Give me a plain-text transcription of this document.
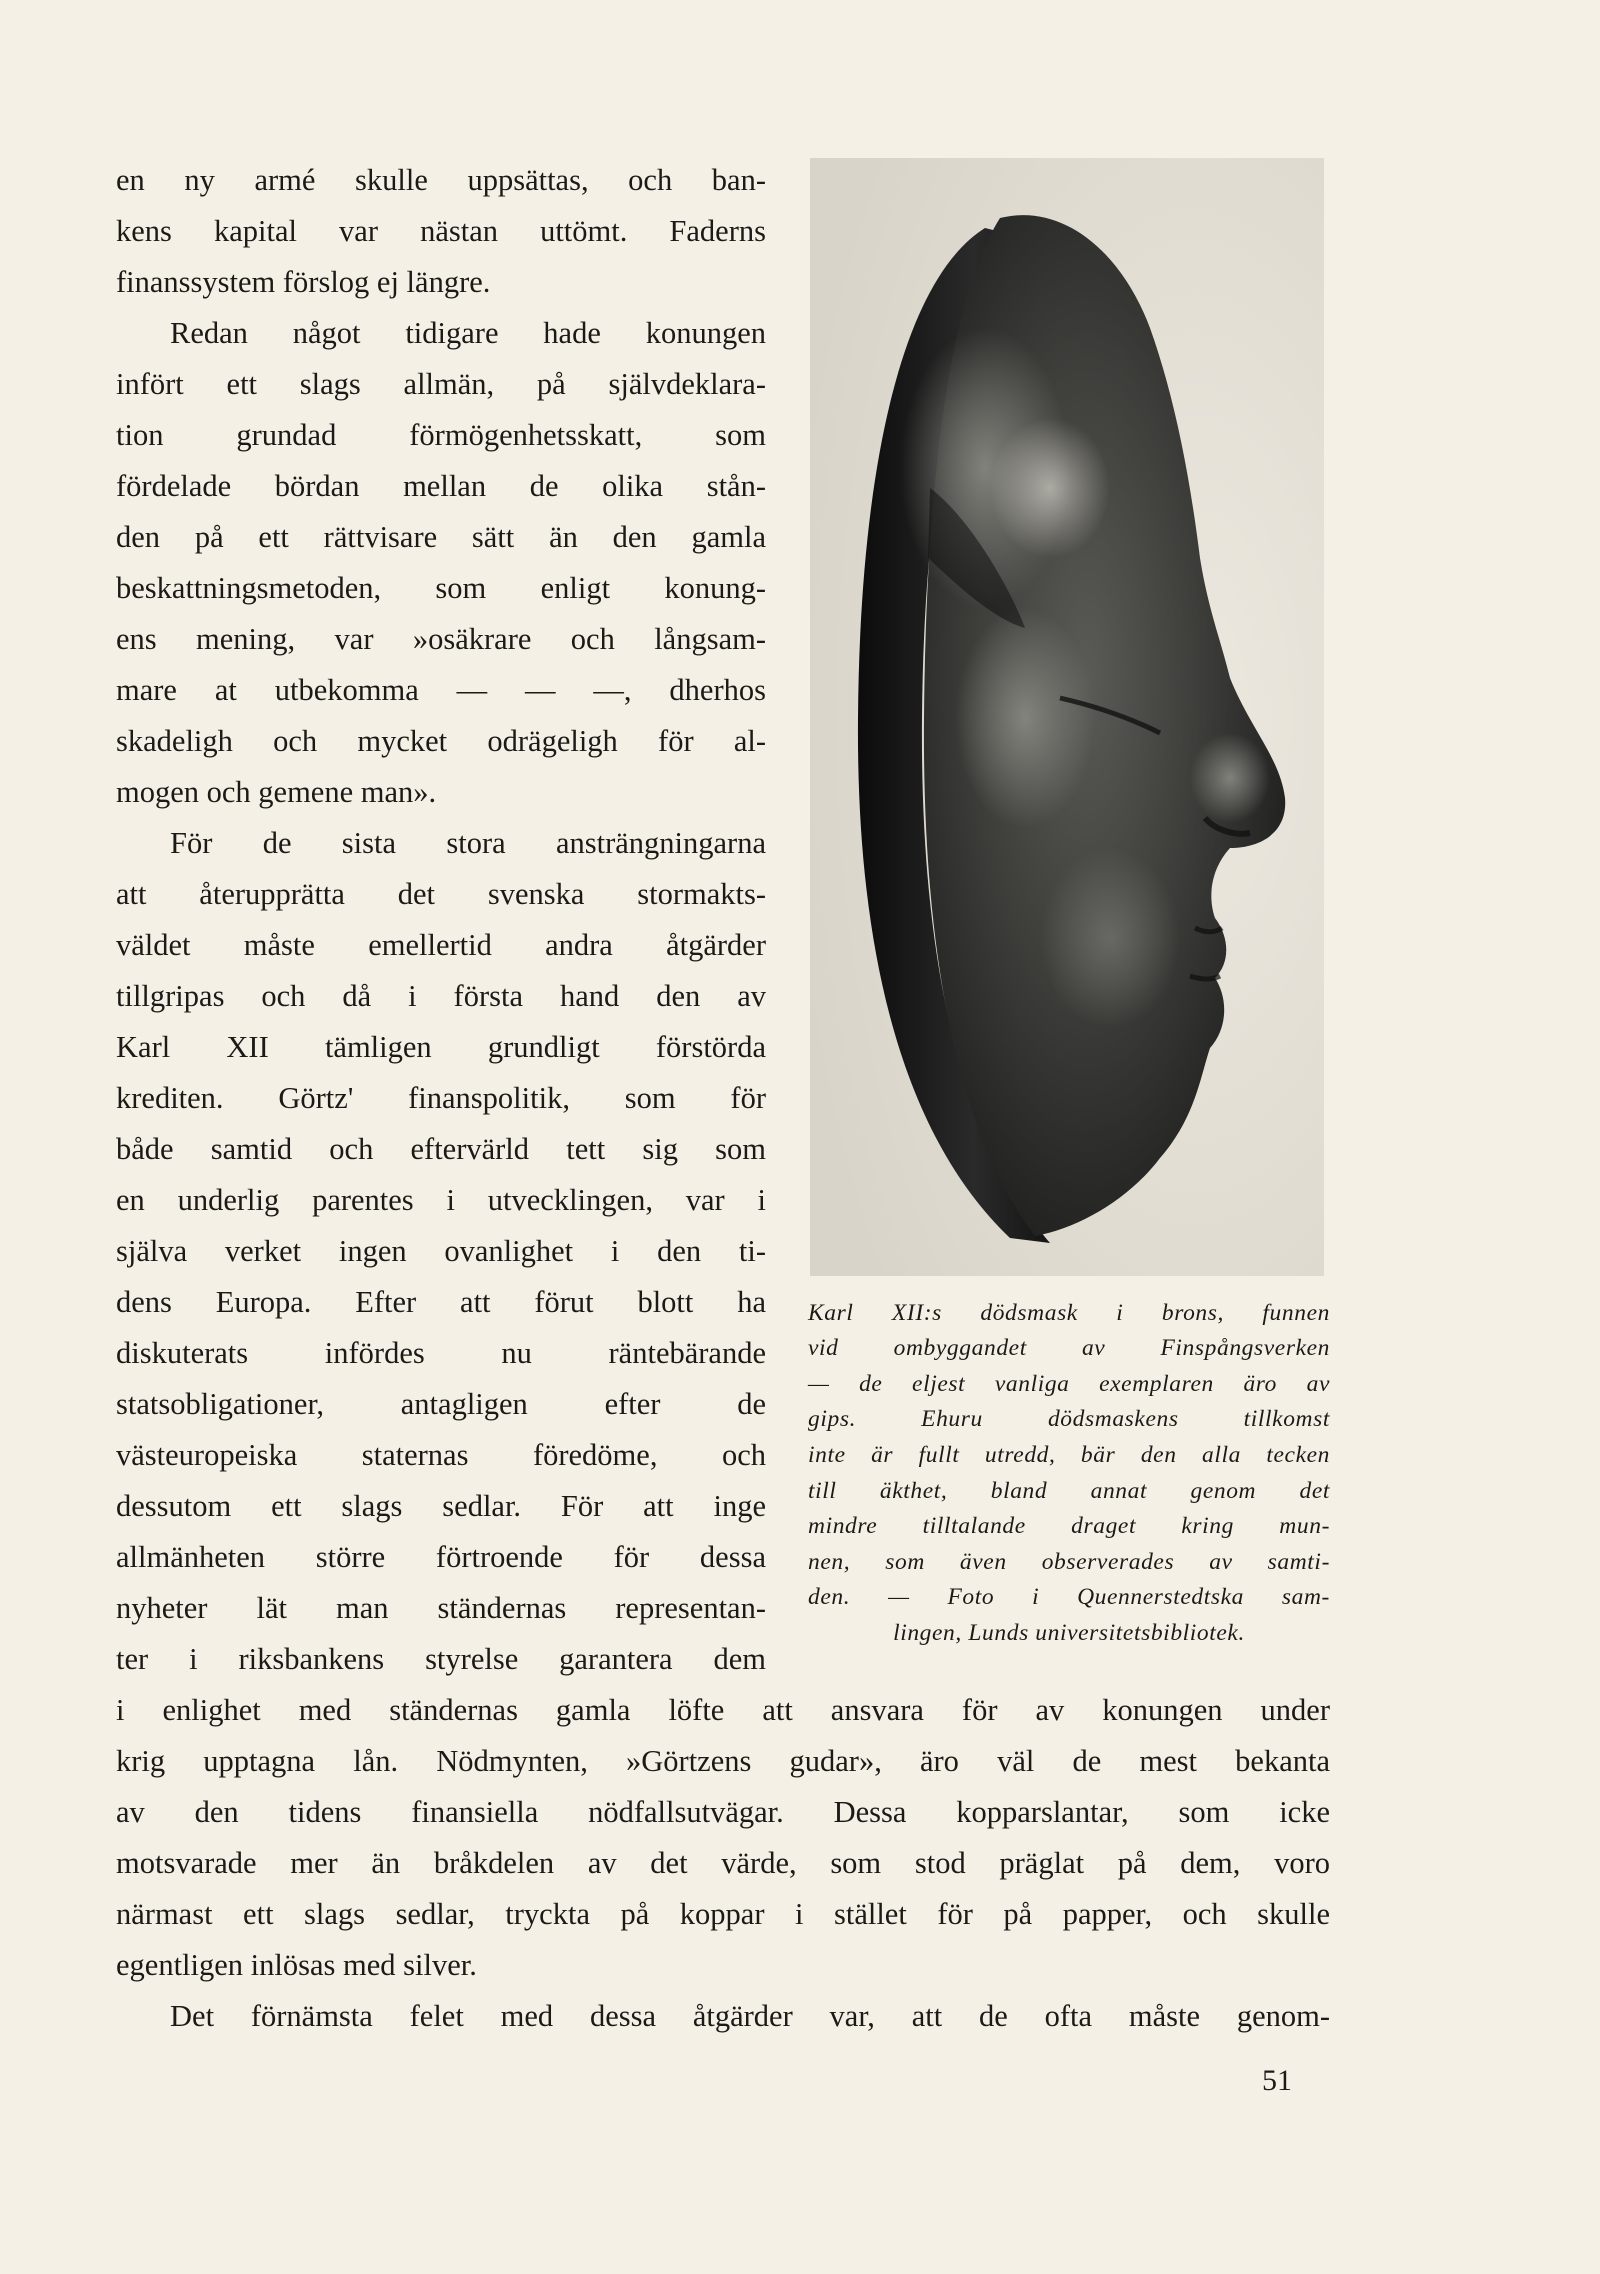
en ny armé skulle uppsättas, och ban-
kens kapital var nästan uttömt. Faderns
finanssystem förslog ej längre.
Redan något tidigare hade konungen
infört ett slags allmän, på självdeklara-
tion grundad förmögenhetsskatt, som
fördelade bördan mellan de olika stån-
den på ett rättvisare sätt än den gamla
beskattningsmetoden, som enligt konung-
ens mening, var »osäkrare och långsam-
mare at utbekomma — — —, dherhos
skadeligh och mycket odrägeligh för al-
mogen och gemene man».
För de sista stora ansträngningarna
att återupprätta det svenska stormakts-
väldet måste emellertid andra åtgärder
tillgripas och då i första hand den av
Karl XII tämligen grundligt förstörda
krediten. Görtz' finanspolitik, som för
både samtid och eftervärld tett sig som
en underlig parentes i utvecklingen, var i
själva verket ingen ovanlighet i den ti-
dens Europa. Efter att förut blott ha
diskuterats infördes nu räntebärande
statsobligationer, antagligen efter de
västeuropeiska staternas föredöme, och
dessutom ett slags sedlar. För att inge
allmänheten större förtroende för dessa
nyheter lät man ständernas representan-
ter i riksbankens styrelse garantera dem
i enlighet med ständernas gamla löfte att ansvara för av konungen under
krig upptagna lån. Nödmynten, »Görtzens gudar», äro väl de mest bekanta
av den tidens finansiella nödfallsutvägar. Dessa kopparslantar, som icke
motsvarade mer än bråkdelen av det värde, som stod präglat på dem, voro
närmast ett slags sedlar, tryckta på koppar i stället för på papper, och skulle
egentligen inlösas med silver.
Det förnämsta felet med dessa åtgärder var, att de ofta måste genom-
Karl XII:s dödsmask i brons, funnen
vid ombyggandet av Finspångsverken
— de eljest vanliga exemplaren äro av
gips. Ehuru dödsmaskens tillkomst
inte är fullt utredd, bär den alla tecken
till äkthet, bland annat genom det
mindre tilltalande draget kring mun-
nen, som även observerades av samti-
den. — Foto i Quennerstedtska sam-
lingen, Lunds universitetsbibliotek.
51
